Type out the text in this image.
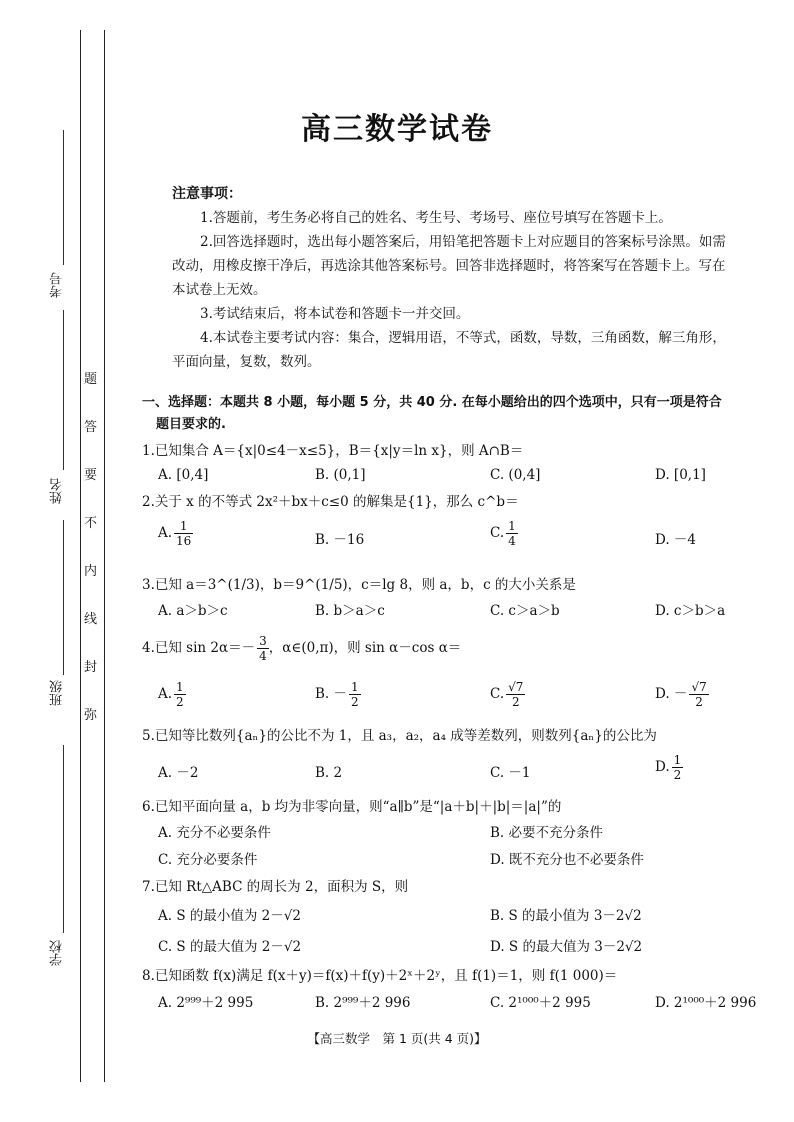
考号
姓名
班级
学校
题
答
要
不
内
线
封
弥
高三数学试卷
注意事项：

1.答题前，考生务必将自己的姓名、考生号、考场号、座位号填写在答题卡上。

2.回答选择题时，选出每小题答案后，用铅笔把答题卡上对应题目的答案标号涂黑。如需改动，用橡皮擦干净后，再选涂其他答案标号。回答非选择题时，将答案写在答题卡上。写在本试卷上无效。

3.考试结束后，将本试卷和答题卡一并交回。

4.本试卷主要考试内容：集合，逻辑用语，不等式，函数，导数，三角函数，解三角形，平面向量，复数，数列。

一、选择题：本题共 8 小题，每小题 5 分，共 40 分. 在每小题给出的四个选项中，只有一项是符合
题目要求的.
1.已知集合 A＝{x|0≤4－x≤5}，B＝{x|y＝ln x}，则 A∩B＝
A. [0,4]	B. (0,1]	C. (0,4]	D. [0,1]
2.关于 x 的不等式 2x²＋bx＋c≤0 的解集是{1}，那么 c^b＝
A. $\frac{1}{16}$	B. －16	C. $\frac{1}{4}$	D. －4
3.已知 a＝3^(1/3)，b＝9^(1/5)，c＝lg 8，则 a，b，c 的大小关系是
A. a＞b＞c	B. b＞a＞c	C. c＞a＞b	D. c＞b＞a
4.已知 $\sin 2\alpha=- \frac{3}{4}$ ，α∈(0,π)，则 sin α－cos α＝
A. $\frac{1}{2}$	B. － $\frac{1}{2}$	C. $\frac{√7}{2}$	D. － $\frac{√7}{2}$
5.已知等比数列{aₙ}的公比不为 1，且 a₃，a₂，a₄ 成等差数列，则数列{aₙ}的公比为
A. －2	B. 2	C. －1	D. $\frac{1}{2}$
6.已知平面向量 a，b 均为非零向量，则“a∥b”是“|a＋b|＋|b|＝|a|”的
A. 充分不必要条件	B. 必要不充分条件
C. 充分必要条件	D. 既不充分也不必要条件
7.已知 Rt△ABC 的周长为 2，面积为 S，则
A. S 的最小值为 2－√2	B. S 的最小值为 3－2√2
C. S 的最大值为 2－√2	D. S 的最大值为 3－2√2
8.已知函数 f(x)满足 f(x＋y)＝f(x)＋f(y)＋2ˣ＋2ʸ，且 f(1)＝1，则 f(1 000)＝
A. 2⁹⁹⁹＋2 995	B. 2⁹⁹⁹＋2 996	C. 2¹⁰⁰⁰＋2 995	D. 2¹⁰⁰⁰＋2 996
【高三数学　第 1 页(共 4 页)】
